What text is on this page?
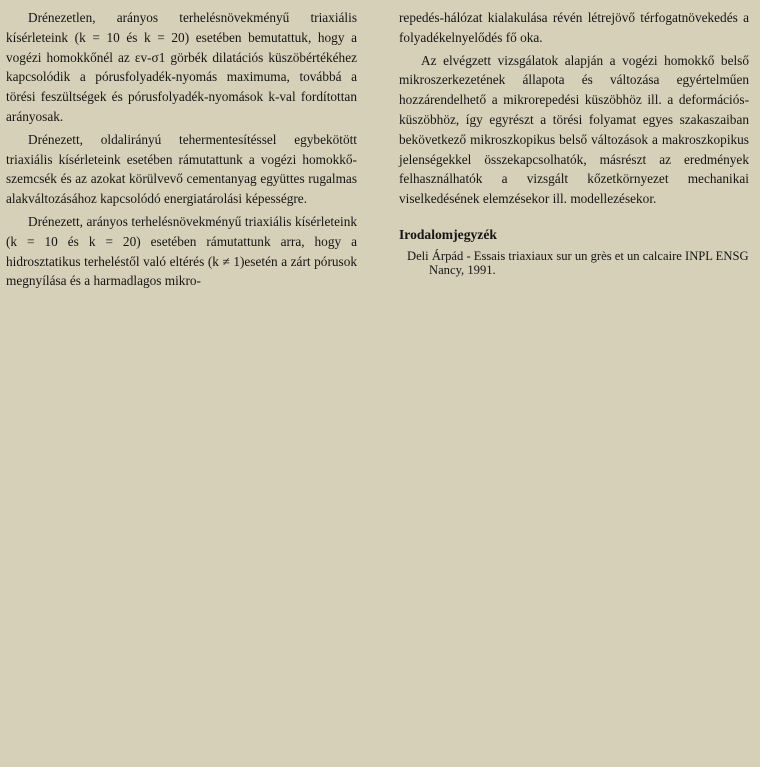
Drénezetlen, arányos terhelésnövekményű triaxiális kísérleteink (k = 10 és k = 20) esetében bemutattuk, hogy a vogézi homokkőnél az εv-σ1 görbék dilatációs küszöbértékéhez kapcsolódik a pórusfolyadék-nyomás maximuma, továbbá a törési feszültségek és pórusfolyadék-nyomások k-val fordítottan arányosak.

Drénezett, oldalirányú tehermentesítéssel egybekötött triaxiális kísérleteink esetében rámutattunk a vogézi homokkő-szemcsék és az azokat körülvevő cementanyag együttes rugalmas alakváltozásához kapcsolódó energiatárolási képességre.

Drénezett, arányos terhelésnövekményű triaxiális kísérleteink (k = 10 és k = 20) esetében rámutattunk arra, hogy a hidrosztatikus terheléstől való eltérés (k ≠ 1)esetén a zárt pórusok megnyílása és a harmadlagos mikro-

repedés-hálózat kialakulása révén létrejövő térfogatnövekedés a folyadékelnyelődés fő oka.

Az elvégzett vizsgálatok alapján a vogézi homokkő belső mikroszerkezetének állapota és változása egyértelműen hozzárendelhető a mikrorepedési küszöbhöz ill. a deformációs-küszöbhöz, így egyrészt a törési folyamat egyes szakaszaiban bekövetkező mikroszkopikus belső változások a makroszkopikus jelenségekkel összekapcsolhatók, másrészt az eredmények felhasználhatók a vizsgált kőzetkörnyezet mechanikai viselkedésének elemzésekor ill. modellezésekor.

Irodalomjegyzék

Deli Árpád - Essais triaxiaux sur un grès et un calcaire INPL ENSG Nancy, 1991.
